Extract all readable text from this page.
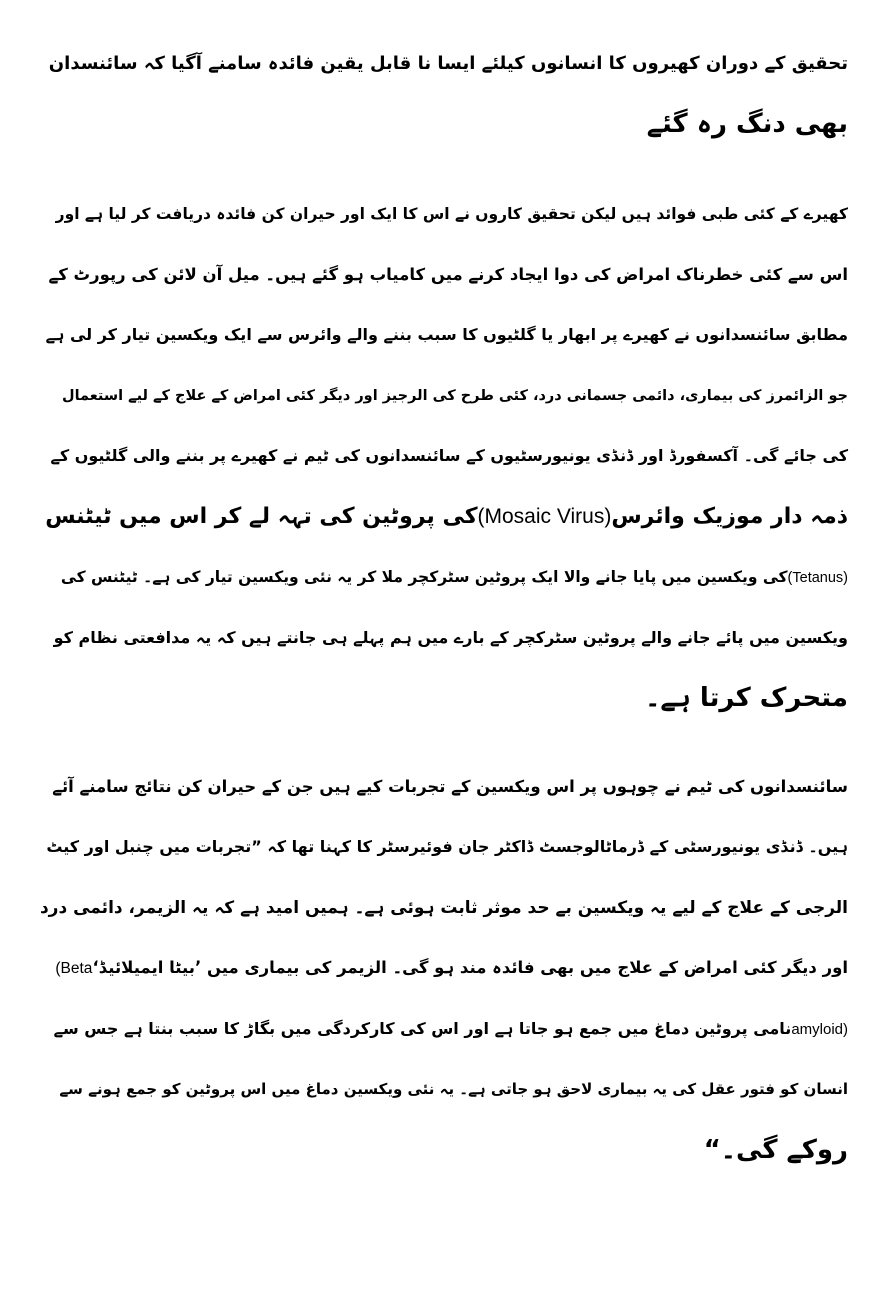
تحقیق کے دوران کھیروں کا انسانوں کیلئے ایسا نا قابل یقین فائدہ سامنے آگیا کہ سائنسدان
بھی دنگ رہ گئے
کھیرے کے کئی طبی فوائد ہیں لیکن تحقیق کاروں نے اس کا ایک اور حیران کن فائدہ دریافت کر لیا ہے اور
اس سے کئی خطرناک امراض کی دوا ایجاد کرنے میں کامیاب ہو گئے ہیں۔ میل آن لائن کی رپورٹ کے
مطابق سائنسدانوں نے کھیرے پر ابھار یا گلٹیوں کا سبب بننے والے وائرس سے ایک ویکسین تیار کر لی ہے
جو الزائمرز کی بیماری، دائمی جسمانی درد، کئی طرح کی الرجیز اور دیگر کئی امراض کے علاج کے لیے استعمال
کی جائے گی۔ آکسفورڈ اور ڈنڈی یونیورسٹیوں کے سائنسدانوں کی ٹیم نے کھیرے پر بننے والی گلٹیوں کے
ذمہ دار موزیک وائرس(Mosaic Virus)کی پروٹین کی تہہ لے کر اس میں ٹیٹنس
(Tetanus)کی ویکسین میں پایا جانے والا ایک پروٹین سٹرکچر ملا کر یہ نئی ویکسین تیار کی ہے۔ ٹیٹنس کی
ویکسین میں پائے جانے والے پروٹین سٹرکچر کے بارے میں ہم پہلے ہی جانتے ہیں کہ یہ مدافعتی نظام کو
متحرک کرتا ہے۔
سائنسدانوں کی ٹیم نے چوہوں پر اس ویکسین کے تجربات کیے ہیں جن کے حیران کن نتائج سامنے آئے
ہیں۔ ڈنڈی یونیورسٹی کے ڈرماٹالوجسٹ ڈاکٹر جان فوئیرسٹر کا کہنا تھا کہ ”تجربات میں چنبل اور کیٹ
الرجی کے علاج کے لیے یہ ویکسین بے حد موثر ثابت ہوئی ہے۔ ہمیں امید ہے کہ یہ الزیمر، دائمی درد
اور دیگر کئی امراض کے علاج میں بھی فائدہ مند ہو گی۔ الزیمر کی بیماری میں ’بیٹا ایمیلائیڈ‘(Beta
amyloid)نامی پروٹین دماغ میں جمع ہو جاتا ہے اور اس کی کارکردگی میں بگاڑ کا سبب بنتا ہے جس سے
انسان کو فتور عقل کی یہ بیماری لاحق ہو جاتی ہے۔ یہ نئی ویکسین دماغ میں اس پروٹین کو جمع ہونے سے
روکے گی۔“
